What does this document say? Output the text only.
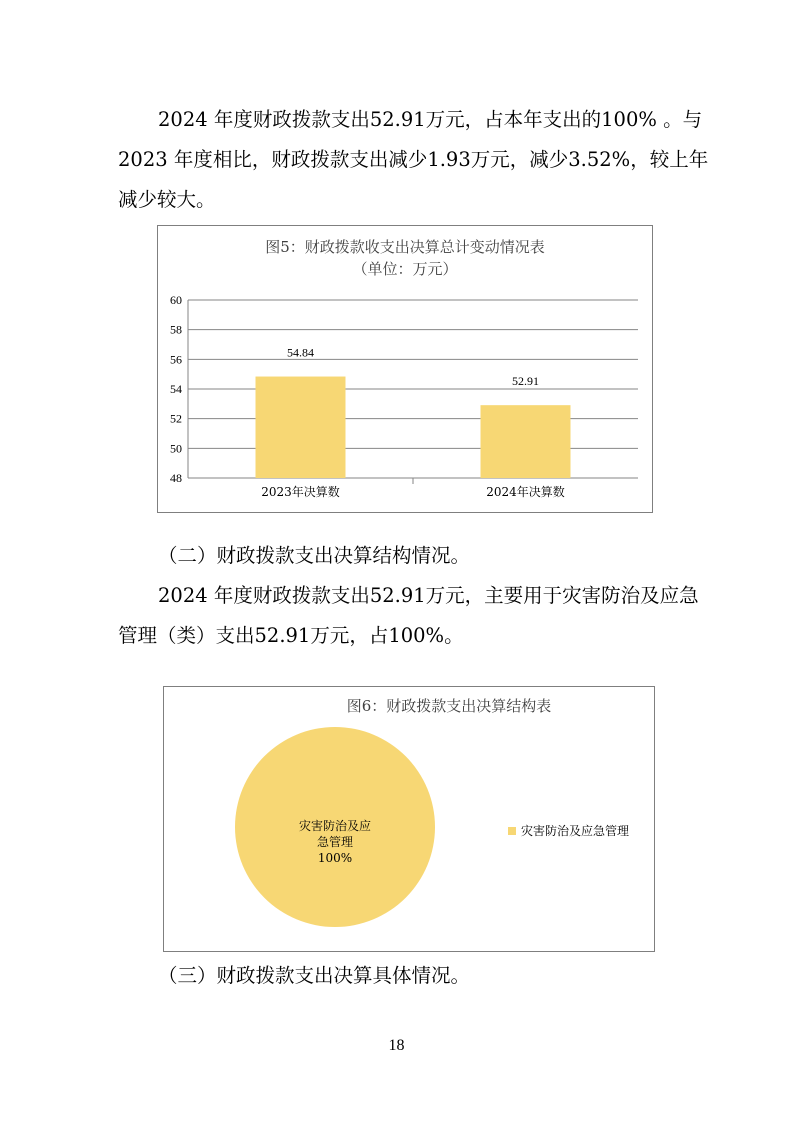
2024 年度财政拨款支出52.91万元，占本年支出的100% 。与2023 年度相比，财政拨款支出减少1.93万元，减少3.52%，较上年减少较大。

图5：财政拨款收支出决算总计变动情况表
（单位：万元）
48
50
52
54
56
58
60
54.84
2023年决算数
52.91
2024年决算数

（二）财政拨款支出决算结构情况。

2024 年度财政拨款支出52.91万元，主要用于灾害防治及应急管理（类）支出52.91万元，占100%。

图6：财政拨款支出决算结构表
灾害防治及应
急管理
100%
灾害防治及应急管理

（三）财政拨款支出决算具体情况。

18
